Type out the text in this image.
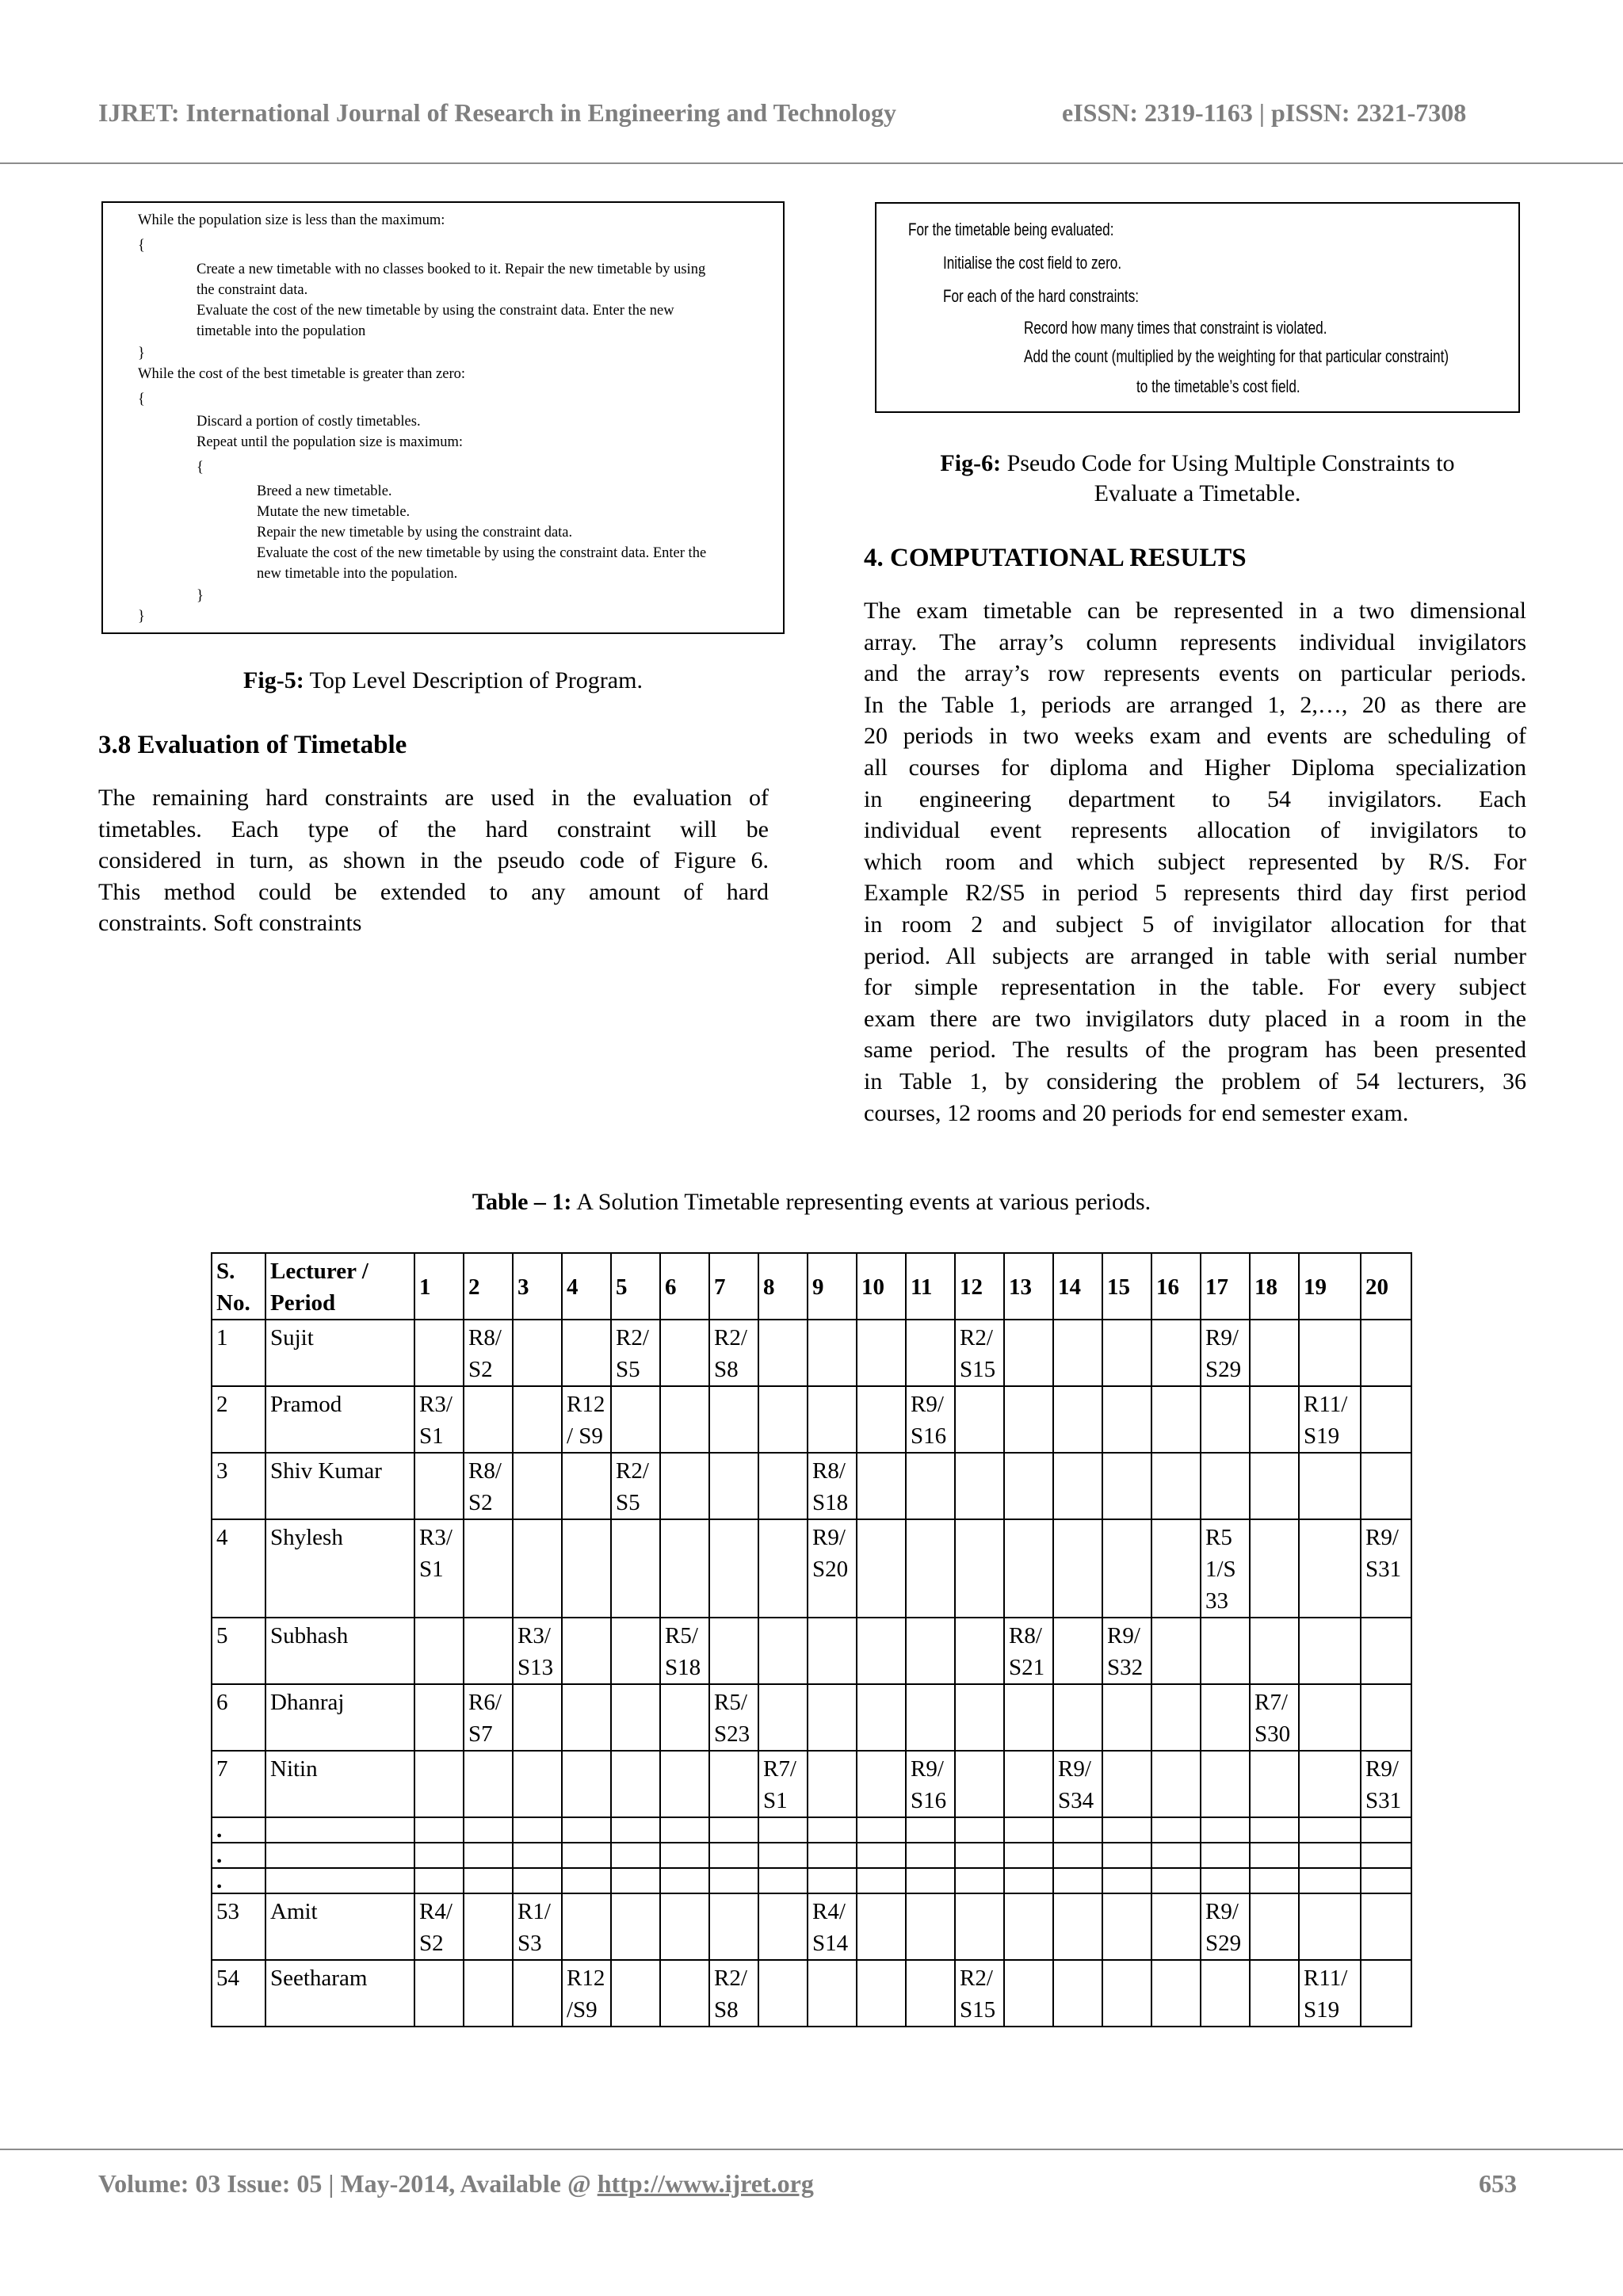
IJRET: International Journal of Research in Engineering and Technology	eISSN: 2319-1163 | pISSN: 2321-7308
While the population size is less than the maximum:
{
Create a new timetable with no classes booked to it. Repair the new timetable by using
the constraint data.
Evaluate the cost of the new timetable by using the constraint data. Enter the new
timetable into the population
}
While the cost of the best timetable is greater than zero:
{
Discard a portion of costly timetables.
Repeat until the population size is maximum:
{
Breed a new timetable.
Mutate the new timetable.
Repair the new timetable by using the constraint data.
Evaluate the cost of the new timetable by using the constraint data. Enter the
new timetable into the population.
}
}
Fig-5: Top Level Description of Program.
3.8 Evaluation of Timetable
The remaining hard constraints are used in the evaluation of
timetables. Each type of the hard constraint will be
considered in turn, as shown in the pseudo code of Figure 6.
This method could be extended to any amount of hard
constraints. Soft constraints
For the timetable being evaluated:
Initialise the cost field to zero.
For each of the hard constraints:
Record how many times that constraint is violated.
Add the count (multiplied by the weighting for that particular constraint)
to the timetable’s cost field.
Fig-6: Pseudo Code for Using Multiple Constraints to
Evaluate a Timetable.
4. COMPUTATIONAL RESULTS
The exam timetable can be represented in a two dimensional
array. The array’s column represents individual invigilators
and the array’s row represents events on particular periods.
In the Table 1, periods are arranged 1, 2,…, 20 as there are
20 periods in two weeks exam and events are scheduling of
all courses for diploma and Higher Diploma specialization
in engineering department to 54 invigilators. Each
individual event represents allocation of invigilators to
which room and which subject represented by R/S. For
Example R2/S5 in period 5 represents third day first period
in room 2 and subject 5 of invigilator allocation for that
period. All subjects are arranged in table with serial number
for simple representation in the table. For every subject
exam there are two invigilators duty placed in a room in the
same period. The results of the program has been presented
in Table 1, by considering the problem of 54 lecturers, 36
courses, 12 rooms and 20 periods for end semester exam.
Table – 1: A Solution Timetable representing events at various periods.
S.
No.	Lecturer /
Period	1	2	3	4	5	6	7	8	9	10	11	12	13	14	15	16	17	18	19	20
1	Sujit		R8/
S2			R2/
S5		R2/
S8					R2/
S15					R9/
S29			
2	Pramod	R3/
S1			R12
/ S9							R9/
S16								R11/
S19	
3	Shiv Kumar		R8/
S2			R2/
S5				R8/
S18											
4	Shylesh	R3/
S1								R9/
S20								R5
1/S
33			R9/
S31
5	Subhash			R3/
S13			R5/
S18							R8/
S21		R9/
S32					
6	Dhanraj		R6/
S7					R5/
S23											R7/
S30		
7	Nitin								R7/
S1			R9/
S16			R9/
S34						R9/
S31
.																					
.																					
.																					
53	Amit	R4/
S2		R1/
S3						R4/
S14								R9/
S29			
54	Seetharam				R12
/S9			R2/
S8					R2/
S15							R11/
S19	
Volume: 03 Issue: 05 | May-2014, Available @ http://www.ijret.org	653
